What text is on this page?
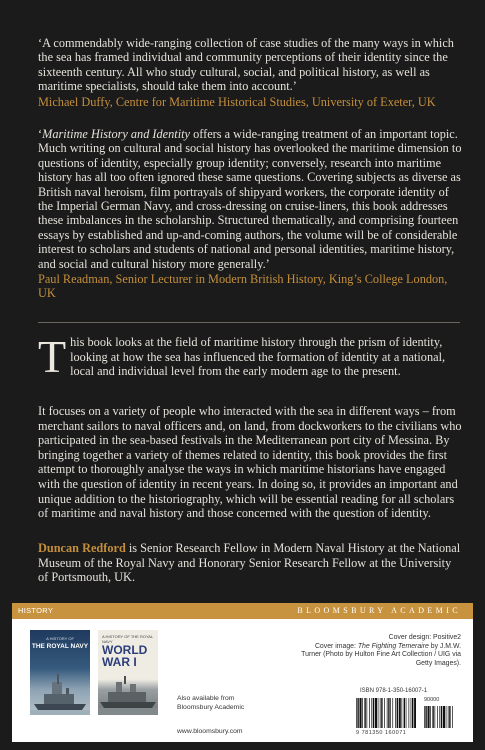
‘A commendably wide-ranging collection of case studies of the many ways in which the sea has framed individual and community perceptions of their identity since the sixteenth century. All who study cultural, social, and political history, as well as maritime specialists, should take them into account.’

Michael Duffy, Centre for Maritime Historical Studies, University of Exeter, UK

‘Maritime History and Identity offers a wide-ranging treatment of an important topic. Much writing on cultural and social history has overlooked the maritime dimension to questions of identity, especially group identity; conversely, research into maritime history has all too often ignored these same questions. Covering subjects as diverse as British naval heroism, film portrayals of shipyard workers, the corporate identity of the Imperial German Navy, and cross-dressing on cruise-liners, this book addresses these imbalances in the scholarship. Structured thematically, and comprising fourteen essays by established and up-and-coming authors, the volume will be of considerable interest to scholars and students of national and personal identities, maritime history, and social and cultural history more generally.’

Paul Readman, Senior Lecturer in Modern British History, King’s College London, UK

T his book looks at the field of maritime history through the prism of identity, looking at how the sea has influenced the formation of identity at a national, local and individual level from the early modern age to the present.

It focuses on a variety of people who interacted with the sea in different ways – from merchant sailors to naval officers and, on land, from dockworkers to the civilians who participated in the sea-based festivals in the Mediterranean port city of Messina. By bringing together a variety of themes related to identity, this book provides the first attempt to thoroughly analyse the ways in which maritime historians have engaged with the question of identity in recent years. In doing so, it provides an important and unique addition to the historiography, which will be essential reading for all scholars of maritime and naval history and those concerned with the question of identity.

Duncan Redford is Senior Research Fellow in Modern Naval History at the National Museum of the Royal Navy and Honorary Senior Research Fellow at the University of Portsmouth, UK.

HISTORY	BLOOMSBURY ACADEMIC
A HISTORY OF
THE ROYAL NAVY
A HISTORY OF THE ROYAL NAVY
WORLD WAR I

Also available from

Bloomsbury Academic

www.bloomsbury.com

Cover design: Positive2

Cover image: The Fighting Temeraire by J.M.W. Turner (Photo by Hulton Fine Art Collection / UIG via Getty Images).

ISBN 978-1-350-16007-1
9 781350 160071
90000
